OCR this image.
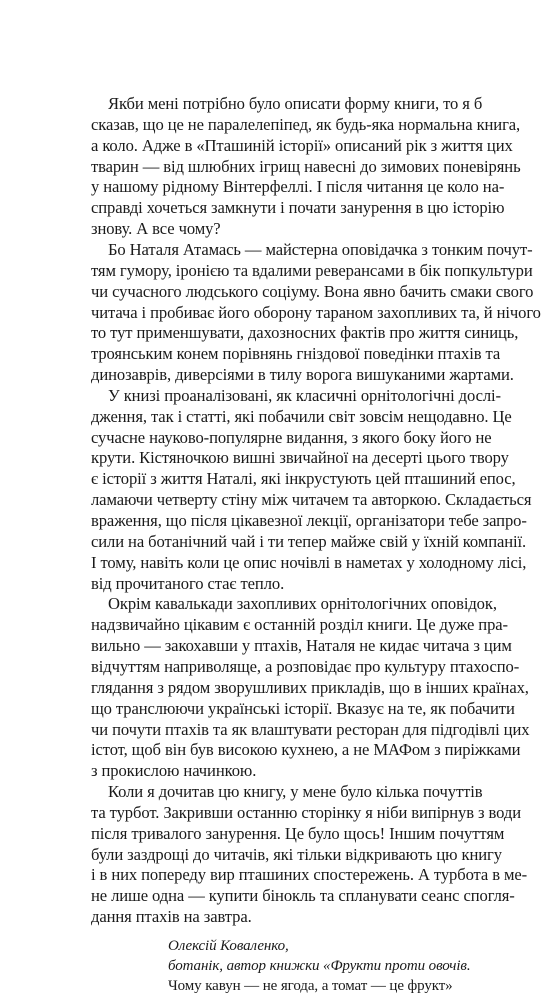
Якби мені потрібно було описати форму книги, то я б
сказав, що це не паралелепіпед, як будь-яка нормальна книга,
а коло. Адже в «Пташиній історії» описаний рік з життя цих
тварин — від шлюбних ігрищ навесні до зимових поневірянь
у нашому рідному Вінтерфеллі. І після читання це коло на-
справді хочеться замкнути і почати занурення в цю історію
знову. А все чому?
Бо Наталя Атамась — майстерна оповідачка з тонким почут-
тям гумору, іронією та вдалими реверансами в бік попкультури
чи сучасного людського соціуму. Вона явно бачить смаки свого
читача і пробиває його оборону тараном захопливих та, й нічого
то тут применшувати, дахозносних фактів про життя синиць,
троянським конем порівнянь гніздової поведінки птахів та
динозаврів, диверсіями в тилу ворога вишуканими жартами.
У книзі проаналізовані, як класичні орнітологічні дослі-
дження, так і статті, які побачили світ зовсім нещодавно. Це
сучасне науково-популярне видання, з якого боку його не
крути. Кістяночкою вишні звичайної на десерті цього твору
є історії з життя Наталі, які інкрустують цей пташиний епос,
ламаючи четверту стіну між читачем та авторкою. Складається
враження, що після цікавезної лекції, організатори тебе запро-
сили на ботанічний чай і ти тепер майже свій у їхній компанії.
І тому, навіть коли це опис ночівлі в наметах у холодному лісі,
від прочитаного стає тепло.
Окрім кавалькади захопливих орнітологічних оповідок,
надзвичайно цікавим є останній розділ книги. Це дуже пра-
вильно — закохавши у птахів, Наталя не кидає читача з цим
відчуттям наприволяще, а розповідає про культуру птахоспо-
глядання з рядом зворушливих прикладів, що в інших країнах,
що транслюючи українські історії. Вказує на те, як побачити
чи почути птахів та як влаштувати ресторан для підгодівлі цих
істот, щоб він був високою кухнею, а не МАФом з пиріжками
з прокислою начинкою.
Коли я дочитав цю книгу, у мене було кілька почуттів
та турбот. Закривши останню сторінку я ніби випірнув з води
після тривалого занурення. Це було щось! Іншим почуттям
були заздрощі до читачів, які тільки відкривають цю книгу
і в них попереду вир пташиних спостережень. А турбота в ме-
не лише одна — купити бінокль та спланувати сеанс спогля-
дання птахів на завтра.
Олексій Коваленко,
ботанік, автор книжки «Фрукти проти овочів.
Чому кавун — не ягода, а томат — це фрукт»
